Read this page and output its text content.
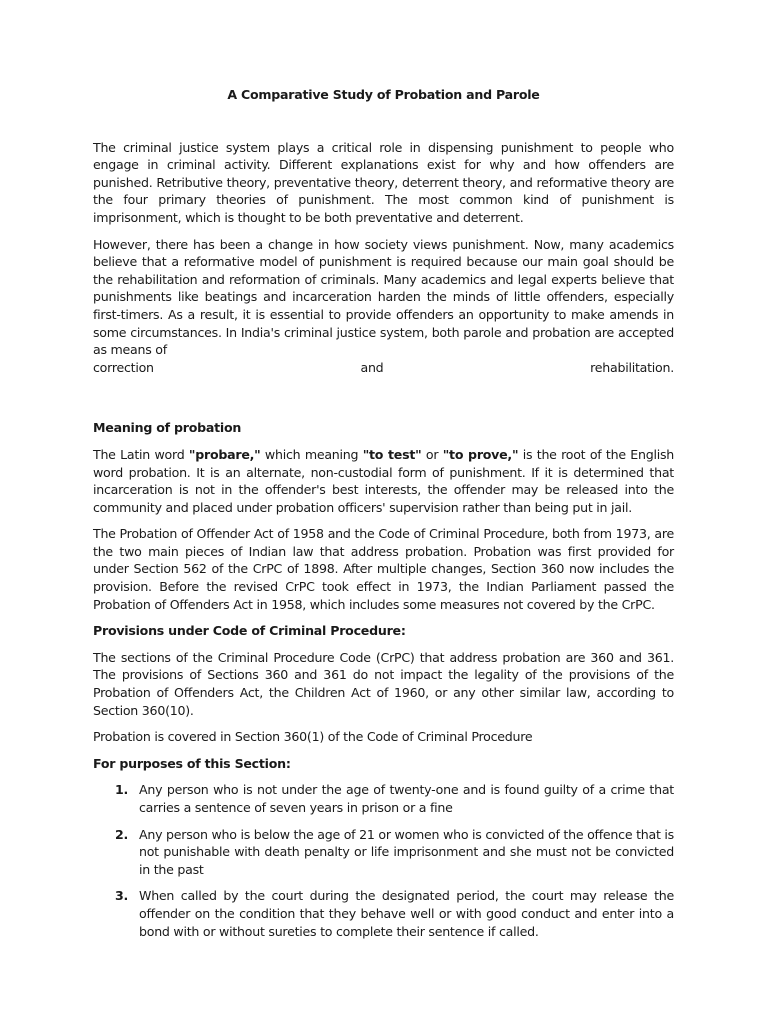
A Comparative Study of Probation and Parole

The criminal justice system plays a critical role in dispensing punishment to people who engage in criminal activity. Different explanations exist for why and how offenders are punished. Retributive theory, preventative theory, deterrent theory, and reformative theory are the four primary theories of punishment. The most common kind of punishment is imprisonment, which is thought to be both preventative and deterrent.

However, there has been a change in how society views punishment. Now, many academics believe that a reformative model of punishment is required because our main goal should be the rehabilitation and reformation of criminals. Many academics and legal experts believe that punishments like beatings and incarceration harden the minds of little offenders, especially first-timers. As a result, it is essential to provide offenders an opportunity to make amends in some circumstances. In India's criminal justice system, both parole and probation are accepted as means of

correction and rehabilitation.

Meaning of probation

The Latin word "probare," which meaning "to test" or "to prove," is the root of the English word probation. It is an alternate, non-custodial form of punishment. If it is determined that incarceration is not in the offender's best interests, the offender may be released into the community and placed under probation officers' supervision rather than being put in jail.

The Probation of Offender Act of 1958 and the Code of Criminal Procedure, both from 1973, are the two main pieces of Indian law that address probation. Probation was first provided for under Section 562 of the CrPC of 1898. After multiple changes, Section 360 now includes the provision. Before the revised CrPC took effect in 1973, the Indian Parliament passed the Probation of Offenders Act in 1958, which includes some measures not covered by the CrPC.

Provisions under Code of Criminal Procedure:

The sections of the Criminal Procedure Code (CrPC) that address probation are 360 and 361. The provisions of Sections 360 and 361 do not impact the legality of the provisions of the Probation of Offenders Act, the Children Act of 1960, or any other similar law, according to Section 360(10).

Probation is covered in Section 360(1) of the Code of Criminal Procedure

For purposes of this Section:
1. Any person who is not under the age of twenty-one and is found guilty of a crime that carries a sentence of seven years in prison or a fine
2. Any person who is below the age of 21 or women who is convicted of the offence that is not punishable with death penalty or life imprisonment and she must not be convicted in the past
3. When called by the court during the designated period, the court may release the offender on the condition that they behave well or with good conduct and enter into a bond with or without sureties to complete their sentence if called.
